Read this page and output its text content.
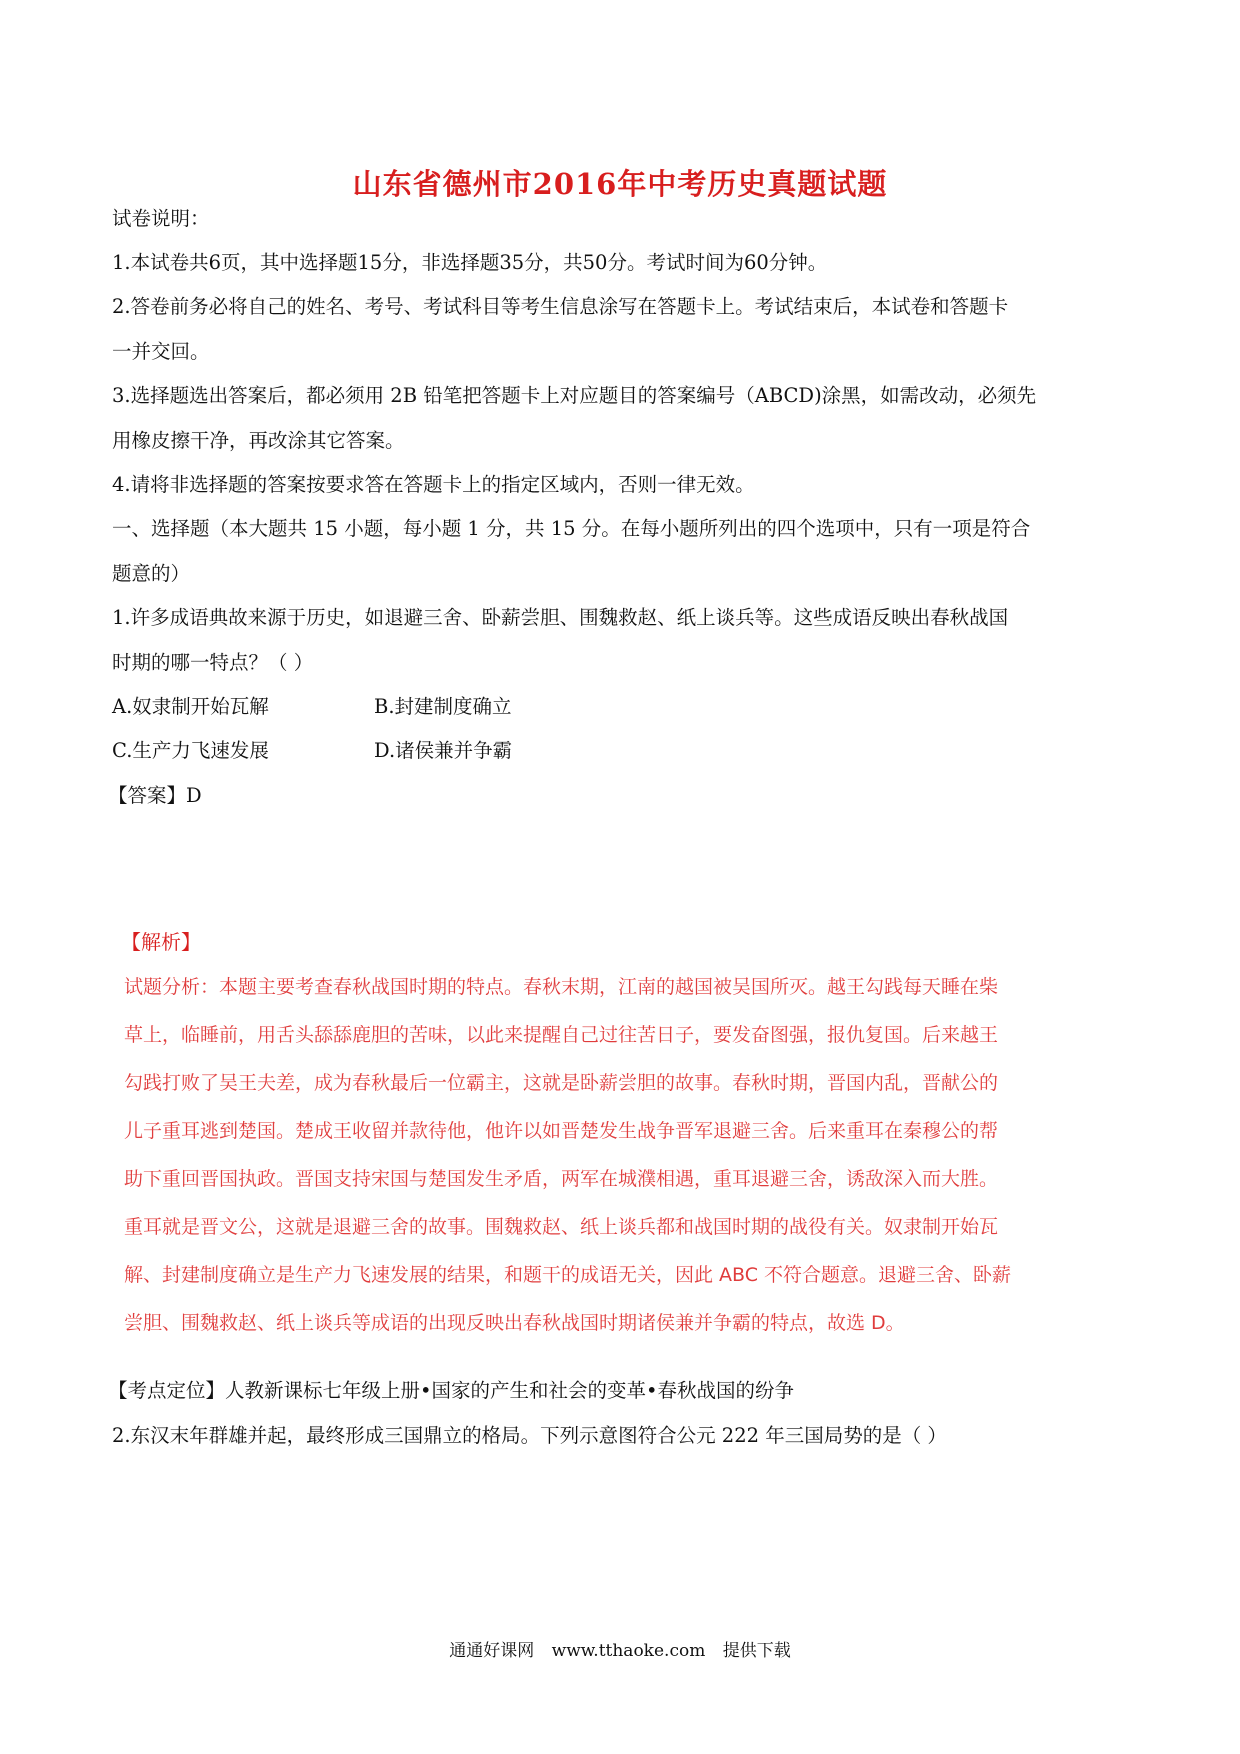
山东省德州市2016年中考历史真题试题
试卷说明：
1.本试卷共6页，其中选择题15分，非选择题35分，共50分。考试时间为60分钟。
2.答卷前务必将自己的姓名、考号、考试科目等考生信息涂写在答题卡上。考试结束后，本试卷和答题卡
一并交回。
3.选择题选出答案后，都必须用 2B 铅笔把答题卡上对应题目的答案编号（ABCD)涂黑，如需改动，必须先
用橡皮擦干净，再改涂其它答案。
4.请将非选择题的答案按要求答在答题卡上的指定区域内，否则一律无效。
一、选择题（本大题共 15 小题，每小题 1 分，共 15 分。在每小题所列出的四个选项中，只有一项是符合
题意的）
1.许多成语典故来源于历史，如退避三舍、卧薪尝胆、围魏救赵、纸上谈兵等。这些成语反映出春秋战国
时期的哪一特点？（ ）
A.奴隶制开始瓦解	B.封建制度确立
C.生产力飞速发展	D.诸侯兼并争霸
【答案】D
【解析】
试题分析：本题主要考查春秋战国时期的特点。春秋末期，江南的越国被吴国所灭。越王勾践每天睡在柴
草上，临睡前，用舌头舔舔鹿胆的苦味，以此来提醒自己过往苦日子，要发奋图强，报仇复国。后来越王
勾践打败了吴王夫差，成为春秋最后一位霸主，这就是卧薪尝胆的故事。春秋时期，晋国内乱，晋献公的
儿子重耳逃到楚国。楚成王收留并款待他，他许以如晋楚发生战争晋军退避三舍。后来重耳在秦穆公的帮
助下重回晋国执政。晋国支持宋国与楚国发生矛盾，两军在城濮相遇，重耳退避三舍，诱敌深入而大胜。
重耳就是晋文公，这就是退避三舍的故事。围魏救赵、纸上谈兵都和战国时期的战役有关。奴隶制开始瓦
解、封建制度确立是生产力飞速发展的结果，和题干的成语无关，因此 ABC 不符合题意。退避三舍、卧薪
尝胆、围魏救赵、纸上谈兵等成语的出现反映出春秋战国时期诸侯兼并争霸的特点，故选 D。
【考点定位】人教新课标七年级上册•国家的产生和社会的变革•春秋战国的纷争
2.东汉末年群雄并起，最终形成三国鼎立的格局。下列示意图符合公元 222 年三国局势的是（ ）
通通好课网 www.tthaoke.com 提供下载
